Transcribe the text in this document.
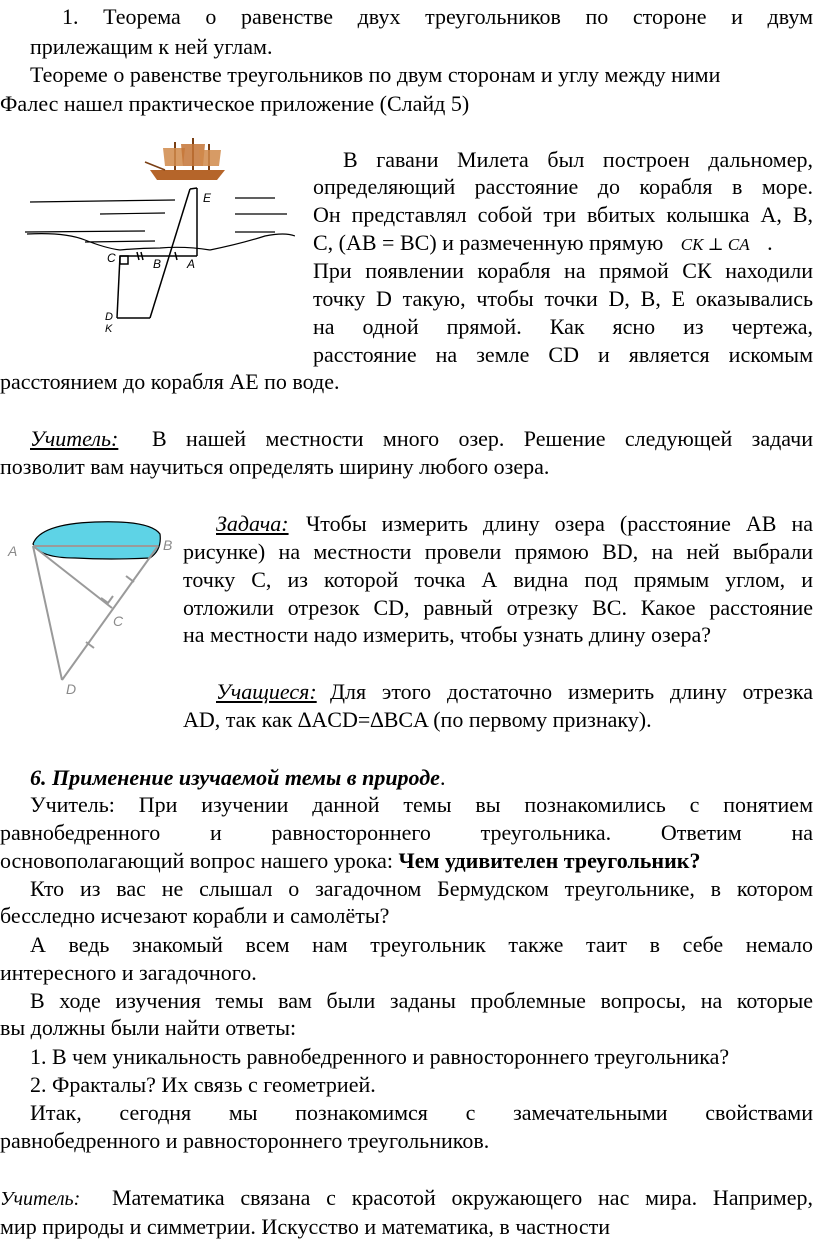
1. Теорема о равенстве двух треугольников по стороне и двум
прилежащим к ней углам.
Теореме о равенстве треугольников по двум сторонам и углу между ними
Фалес нашел практическое приложение (Слайд 5)
E
C	B A
D
K
В гавани Милета был построен дальномер,
определяющий расстояние до корабля в море.
Он представлял собой три вбитых колышка А, В,
С, (АВ = ВС) и размеченную прямую CK ⊥ CA .
При появлении корабля на прямой СК находили
точку D такую, чтобы точки D, B, E оказывались
на одной прямой. Как ясно из чертежа,
расстояние на земле CD и является искомым
расстоянием до корабля AE по воде.
Учитель: В нашей местности много озер. Решение следующей задачи
позволит вам научиться определять ширину любого озера.
A	B
C
D
Задача: Чтобы измерить длину озера (расстояние АВ на
рисунке) на местности провели прямою BD, на ней выбрали
точку С, из которой точка А видна под прямым углом, и
отложили отрезок CD, равный отрезку ВС. Какое расстояние
на местности надо измерить, чтобы узнать длину озера?
Учащиеся: Для этого достаточно измерить длину отрезка
AD, так как ∆ACD=∆BCA (по первому признаку).
6. Применение изучаемой темы в природе.
Учитель: При изучении данной темы вы познакомились с понятием
равнобедренного и равностороннего треугольника. Ответим на
основополагающий вопрос нашего урока: Чем удивителен треугольник?
Кто из вас не слышал о загадочном Бермудском треугольнике, в котором
бесследно исчезают корабли и самолёты?
А ведь знакомый всем нам треугольник также таит в себе немало
интересного и загадочного.
В ходе изучения темы вам были заданы проблемные вопросы, на которые
вы должны были найти ответы:
1. В чем уникальность равнобедренного и равностороннего треугольника?
2. Фракталы? Их связь с геометрией.
Итак, сегодня мы познакомимся с замечательными свойствами
равнобедренного и равностороннего треугольников.
Учитель: Математика связана с красотой окружающего нас мира. Например,
мир природы и симметрии. Искусство и математика, в частности
